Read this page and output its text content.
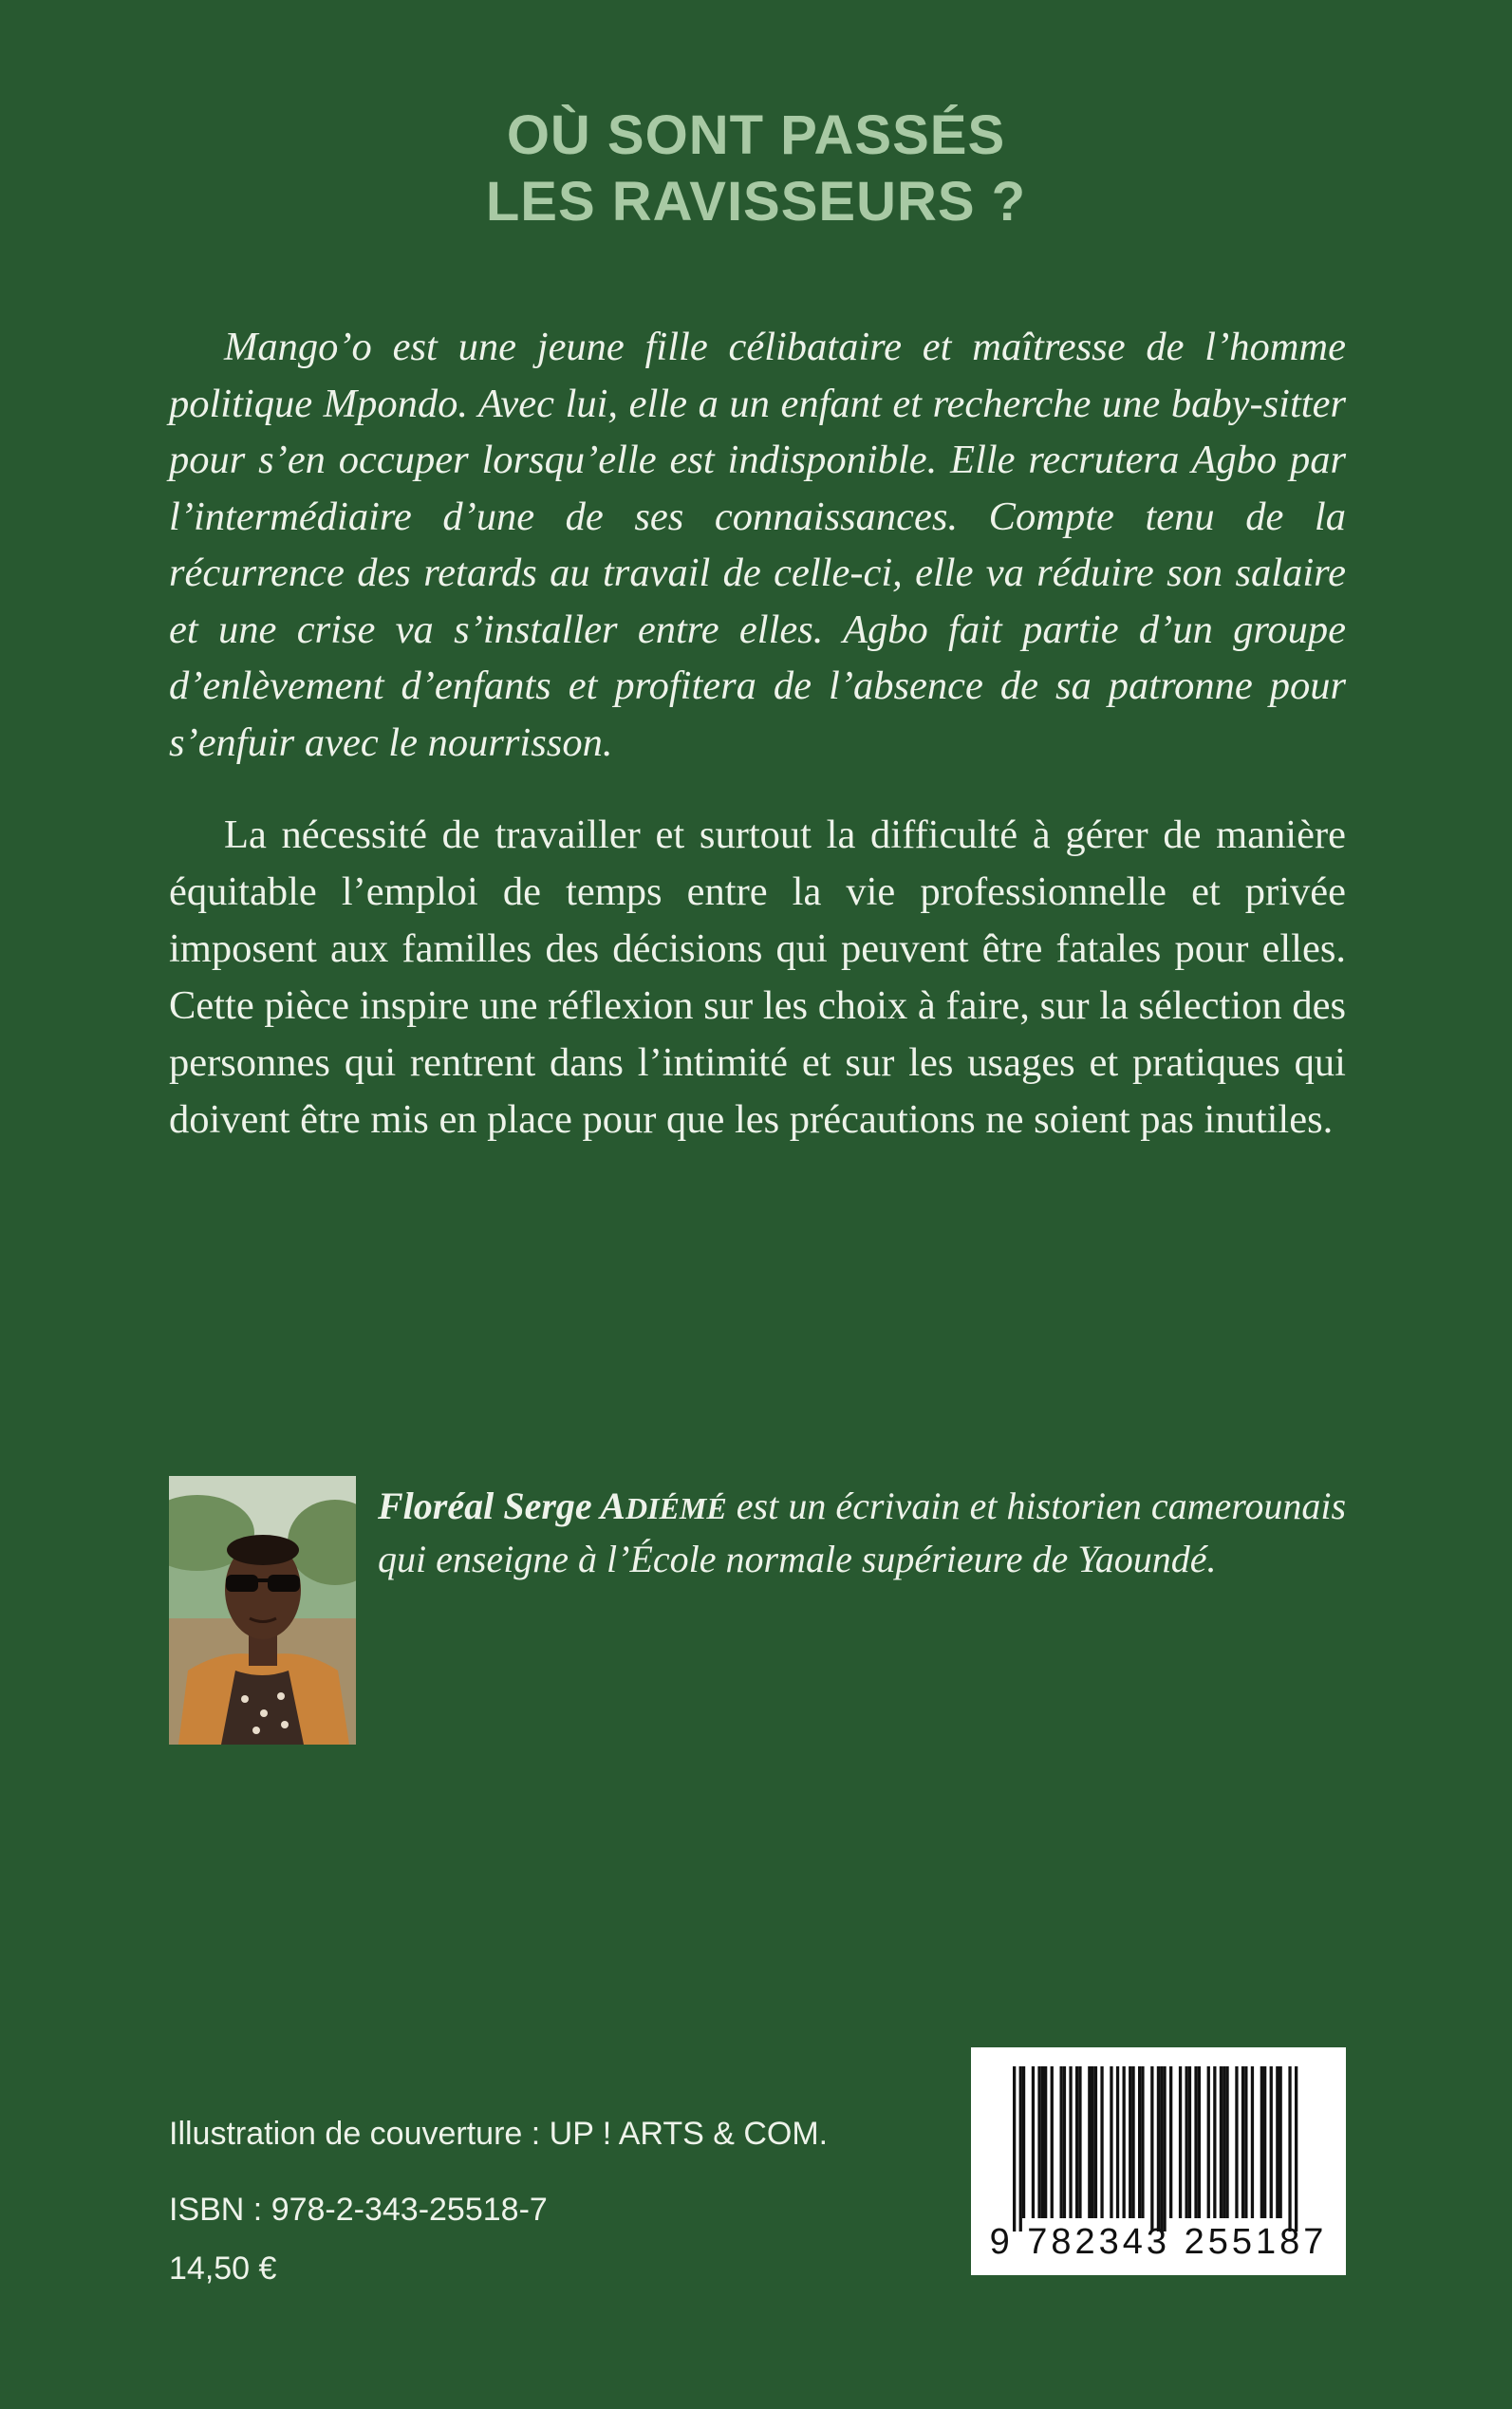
OÙ SONT PASSÉS
LES RAVISSEURS ?

Mango’o est une jeune fille célibataire et maîtresse de l’homme politique Mpondo. Avec lui, elle a un enfant et recherche une baby-sitter pour s’en occuper lorsqu’elle est indisponible. Elle recrutera Agbo par l’intermédiaire d’une de ses connaissances. Compte tenu de la récurrence des retards au travail de celle-ci, elle va réduire son salaire et une crise va s’installer entre elles. Agbo fait partie d’un groupe d’enlèvement d’enfants et profitera de l’absence de sa patronne pour s’enfuir avec le nourrisson.

La nécessité de travailler et surtout la difficulté à gérer de manière équitable l’emploi de temps entre la vie professionnelle et privée imposent aux familles des décisions qui peuvent être fatales pour elles. Cette pièce inspire une réflexion sur les choix à faire, sur la sélection des personnes qui rentrent dans l’intimité et sur les usages et pratiques qui doivent être mis en place pour que les précautions ne soient pas inutiles.

Floréal Serge ADIÉMÉ est un écrivain et historien camerounais qui enseigne à l’École normale supérieure de Yaoundé.

Illustration de couverture : UP ! ARTS & COM.
ISBN : 978-2-343-25518-7
14,50 €
9 782343 255187
